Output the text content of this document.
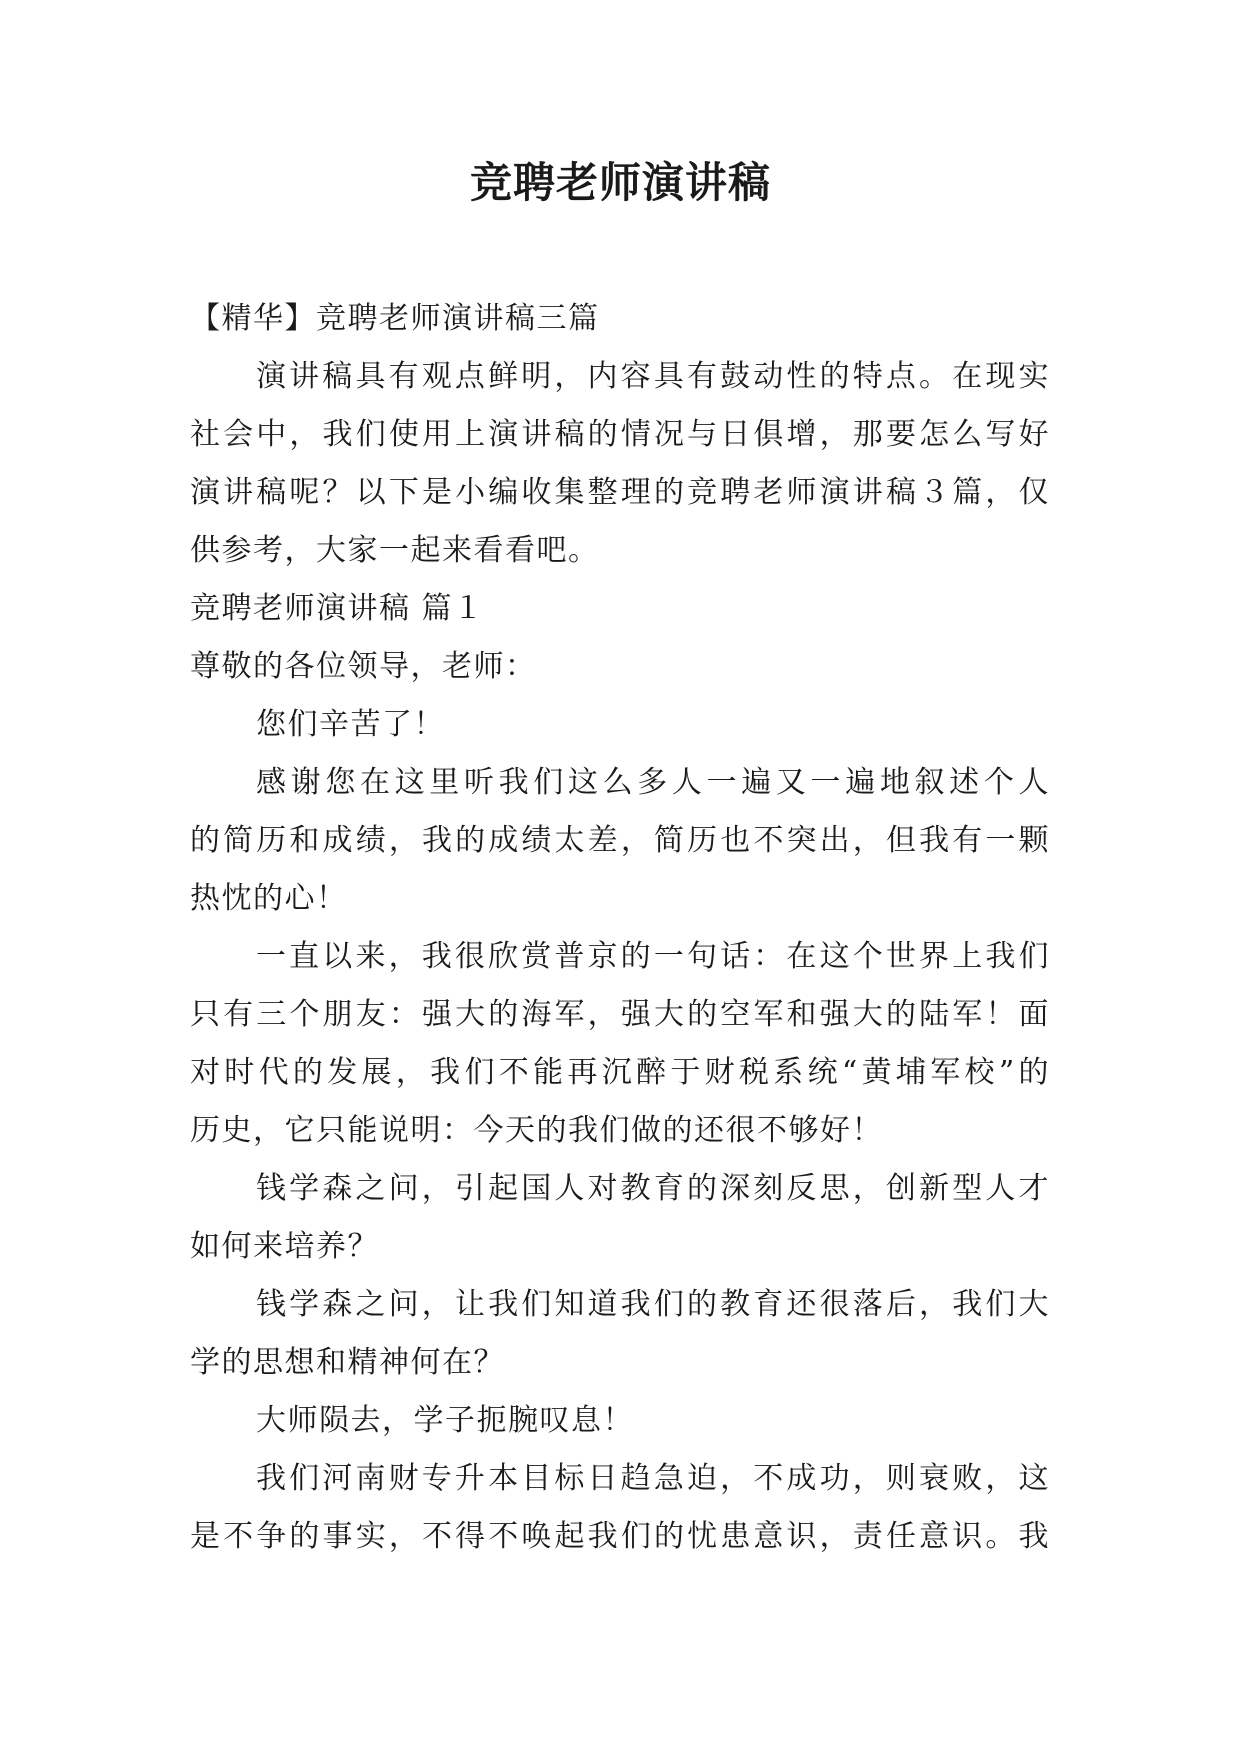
竞聘老师演讲稿
【精华】竞聘老师演讲稿三篇
演讲稿具有观点鲜明，内容具有鼓动性的特点。在现实
社会中，我们使用上演讲稿的情况与日俱增，那要怎么写好
演讲稿呢？以下是小编收集整理的竞聘老师演讲稿３篇，仅
供参考，大家一起来看看吧。
竞聘老师演讲稿 篇１
尊敬的各位领导，老师：
您们辛苦了！
感谢您在这里听我们这么多人一遍又一遍地叙述个人
的简历和成绩，我的成绩太差，简历也不突出，但我有一颗
热忱的心！
一直以来，我很欣赏普京的一句话：在这个世界上我们
只有三个朋友：强大的海军，强大的空军和强大的陆军！面
对时代的发展，我们不能再沉醉于财税系统“黄埔军校”的
历史，它只能说明：今天的我们做的还很不够好！
钱学森之问，引起国人对教育的深刻反思，创新型人才
如何来培养？
钱学森之问，让我们知道我们的教育还很落后，我们大
学的思想和精神何在？
大师陨去，学子扼腕叹息！
我们河南财专升本目标日趋急迫，不成功，则衰败，这
是不争的事实，不得不唤起我们的忧患意识，责任意识。我
